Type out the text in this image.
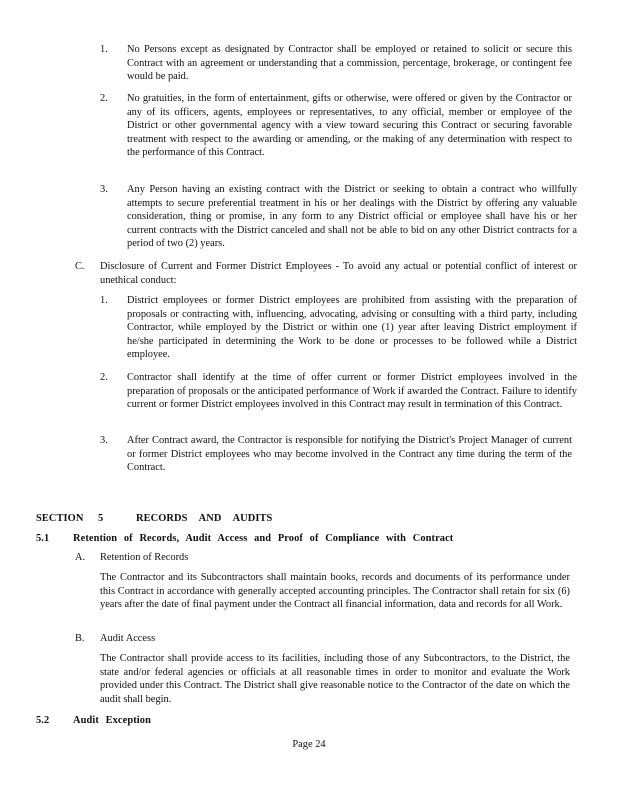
1. No Persons except as designated by Contractor shall be employed or retained to solicit or secure this Contract with an agreement or understanding that a commission, percentage, brokerage, or contingent fee would be paid.

2. No gratuities, in the form of entertainment, gifts or otherwise, were offered or given by the Contractor or any of its officers, agents, employees or representatives, to any official, member or employee of the District or other governmental agency with a view toward securing this Contract or securing favorable treatment with respect to the awarding or amending, or the making of any determination with respect to the performance of this Contract.

3. Any Person having an existing contract with the District or seeking to obtain a contract who willfully attempts to secure preferential treatment in his or her dealings with the District by offering any valuable consideration, thing or promise, in any form to any District official or employee shall have his or her current contracts with the District canceled and shall not be able to bid on any other District contracts for a period of two (2) years.

C. Disclosure of Current and Former District Employees - To avoid any actual or potential conflict of interest or unethical conduct:

1. District employees or former District employees are prohibited from assisting with the preparation of proposals or contracting with, influencing, advocating, advising or consulting with a third party, including Contractor, while employed by the District or within one (1) year after leaving District employment if he/she participated in determining the Work to be done or processes to be followed while a District employee.

2. Contractor shall identify at the time of offer current or former District employees involved in the preparation of proposals or the anticipated performance of Work if awarded the Contract. Failure to identify current or former District employees involved in this Contract may result in termination of this Contract.

3. After Contract award, the Contractor is responsible for notifying the District's Project Manager of current or former District employees who may become involved in the Contract any time during the term of the Contract.

SECTION 5	RECORDS AND AUDITS
5.1 Retention of Records, Audit Access and Proof of Compliance with Contract
A. Retention of Records

The Contractor and its Subcontractors shall maintain books, records and documents of its performance under this Contract in accordance with generally accepted accounting principles. The Contractor shall retain for six (6) years after the date of final payment under the Contract all financial information, data and records for all Work.

B. Audit Access

The Contractor shall provide access to its facilities, including those of any Subcontractors, to the District, the state and/or federal agencies or officials at all reasonable times in order to monitor and evaluate the Work provided under this Contract. The District shall give reasonable notice to the Contractor of the date on which the audit shall begin.

5.2 Audit Exception
Page 24
